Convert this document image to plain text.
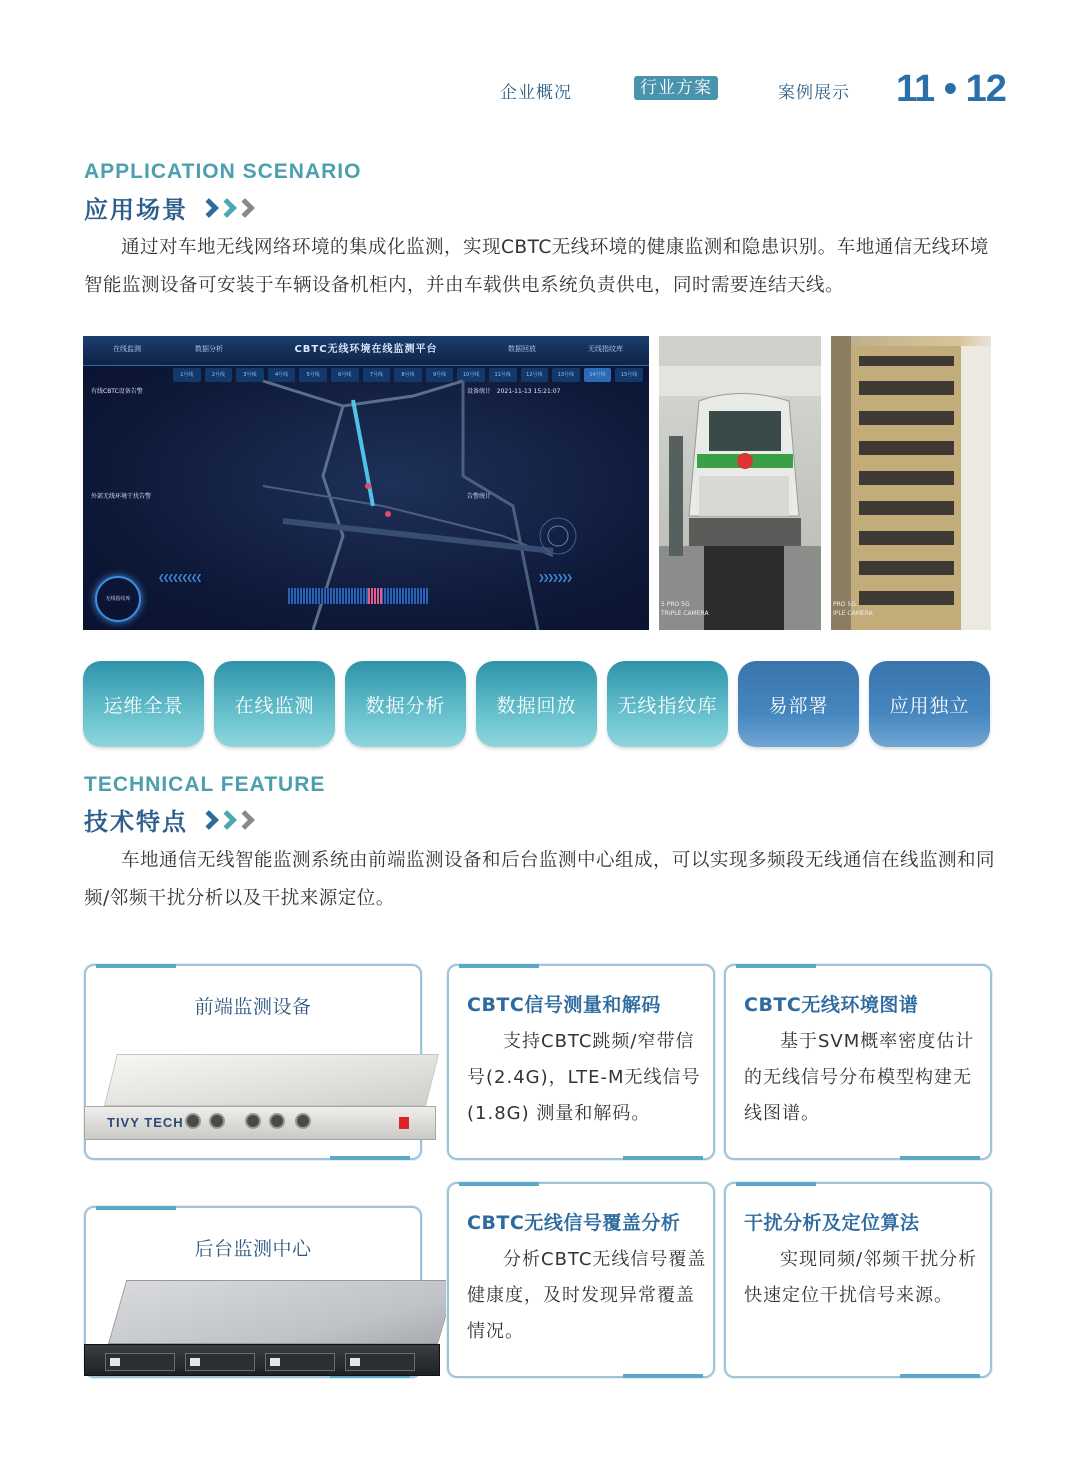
企业概况	行业方案	案例展示 11 • 12
APPLICATION SCENARIO
应用场景

通过对车地无线网络环境的集成化监测，实现CBTC无线环境的健康监测和隐患识别。车地通信无线环境智能监测设备可安装于车辆设备机柜内，并由车载供电系统负责供电，同时需要连结天线。

CBTC无线环境在线监测平台
在线监测	数据分析	数据回放	无线指纹库
1号线	2号线	3号线	4号线	5号线	6号线	7号线	8号线	9号线	10号线	11号线	12号线	13号线	14号线	15号线
有线CBTC设备告警
外部无线环境干扰告警
设备统计 2021-11-13 15:21:07
告警统计
❮❮❮❮❮❮❮❮❮	❯❯❯❯❯❯❯
无线指纹库
5 PRO 5G
TRIPLE CAMERA
PRO 5G
IPLE CAMERA
运维全景	在线监测	数据分析	数据回放	无线指纹库	易部署	应用独立
TECHNICAL FEATURE
技术特点

车地通信无线智能监测系统由前端监测设备和后台监测中心组成，可以实现多频段无线通信在线监测和同频/邻频干扰分析以及干扰来源定位。

前端监测设备
TIVY TECH
后台监测中心
CBTC信号测量和解码
支持CBTC跳频/窄带信号(2.4G)，LTE-M无线信号(1.8G) 测量和解码。
CBTC无线环境图谱
基于SVM概率密度估计的无线信号分布模型构建无线图谱。
CBTC无线信号覆盖分析
分析CBTC无线信号覆盖健康度，及时发现异常覆盖情况。
干扰分析及定位算法
实现同频/邻频干扰分析快速定位干扰信号来源。
